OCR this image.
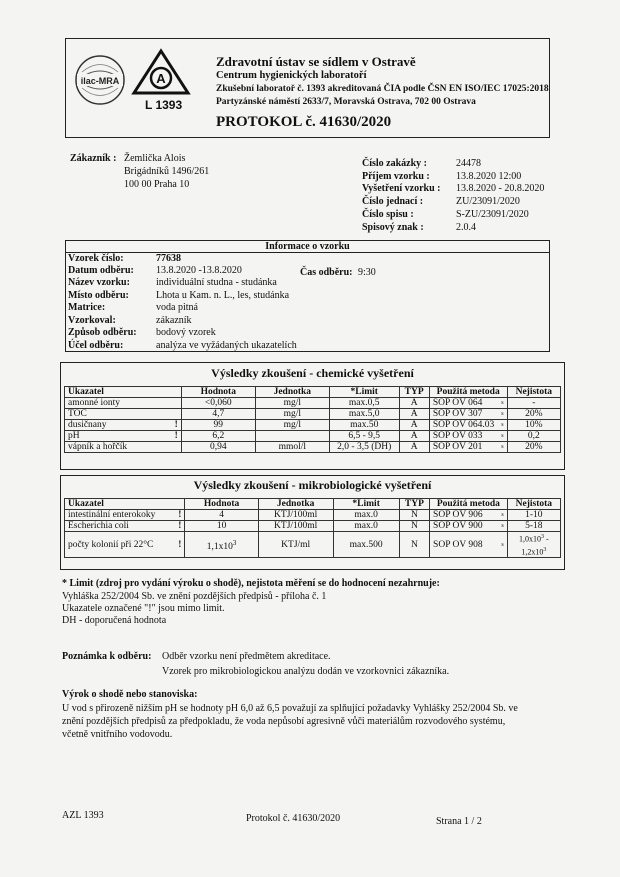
ilac-MRA	A
L 1393
Zdravotní ústav se sídlem v Ostravě
Centrum hygienických laboratoří
Zkušební laboratoř č. 1393 akreditovaná ČIA podle ČSN EN ISO/IEC 17025:2018
Partyzánské náměstí 2633/7, Moravská Ostrava, 702 00 Ostrava
PROTOKOL č. 41630/2020
Zákazník : Žemlička Alois
Brigádníků 1496/261
100 00 Praha 10
Číslo zakázky :	24478
Příjem vzorku :	13.8.2020 12:00
Vyšetření vzorku : 13.8.2020 - 20.8.2020
Číslo jednací :	ZU/23091/2020
Číslo spisu :	S-ZU/23091/2020
Spisový znak :	2.0.4
Informace o vzorku
Vzorek číslo:	77638
Datum odběru: 13.8.2020 -13.8.2020	Čas odběru: 9:30
Název vzorku:	individuální studna - studánka
Místo odběru:	Lhota u Kam. n. L., les, studánka
Matrice:	voda pitná
Vzorkoval:	zákazník
Způsob odběru: bodový vzorek
Účel odběru:	analýza ve vyžádaných ukazatelích
Výsledky zkoušení - chemické vyšetření
Ukazatel	Hodnota	Jednotka	*Limit	TYP	Použitá metoda	Nejistota
amonné ionty	<0,060	mg/l	max.0,5	A	SOP OV 064 s	-
TOC	4,7	mg/l	max.5,0	A	SOP OV 307 s	20%
dusičnany !	99	mg/l	max.50	A	SOP OV 064.03 s	10%
pH !	6,2		6,5 - 9,5	A	SOP OV 033 s	0,2
vápník a hořčík	0,94	mmol/l	2,0 - 3,5 (DH)	A	SOP OV 201 s	20%
Výsledky zkoušení - mikrobiologické vyšetření
Ukazatel	Hodnota	Jednotka	*Limit	TYP	Použitá metoda	Nejistota
intestinální enterokoky !	4	KTJ/100ml	max.0	N	SOP OV 906 s	1-10
Escherichia coli !	10	KTJ/100ml	max.0	N	SOP OV 900 s	5-18
počty kolonií při 22°C !	$1,1x10^3$	KTJ/ml	max.500	N	SOP OV 908 s	$1,0x10^3$ -
$1,2x10^3$
* Limit (zdroj pro vydání výroku o shodě), nejistota měření se do hodnocení nezahrnuje:
Vyhláška 252/2004 Sb. ve znění pozdějších předpisů - příloha č. 1
Ukazatele označené "!" jsou mimo limit.
DH - doporučená hodnota
Poznámka k odběru: Odběr vzorku není předmětem akreditace.
Vzorek pro mikrobiologickou analýzu dodán ve vzorkovnici zákazníka.
Výrok o shodě nebo stanoviska:
U vod s přirozeně nižším pH se hodnoty pH 6,0 až 6,5 považují za splňující požadavky Vyhlášky 252/2004 Sb. ve
znění pozdějších předpisů za předpokladu, že voda nepůsobí agresivně vůči materiálům rozvodového systému,
včetně vnitřního vodovodu.
AZL 1393	Protokol č. 41630/2020	Strana 1 / 2
